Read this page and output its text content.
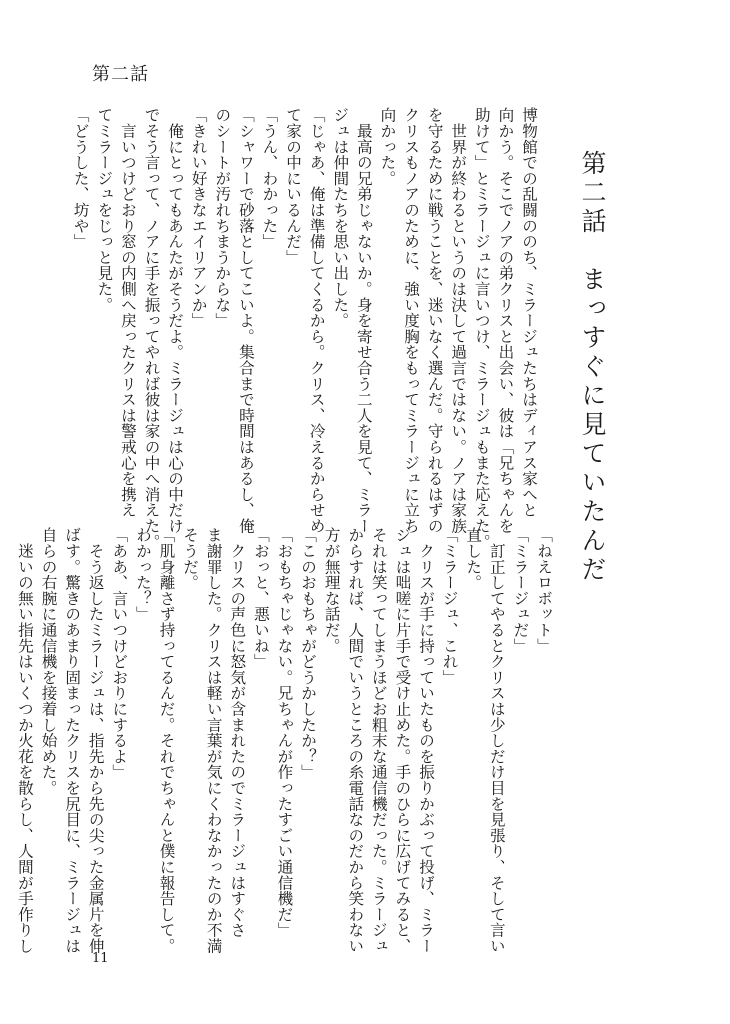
第二話
第二話　まっすぐに見ていたんだ
博物館での乱闘ののち、ミラージュたちはディアス家へと
向かう。そこでノアの弟クリスと出会い、彼は「兄ちゃんを
助けて」とミラージュに言いつけ、ミラージュもまた応えた。
　世界が終わるというのは決して過言ではない。ノアは家族
を守るために戦うことを、迷いなく選んだ。守られるはずの
クリスもノアのために、強い度胸をもってミラージュに立ち
向かった。
　最高の兄弟じゃないか。身を寄せ合う二人を見て、ミラー
ジュは仲間たちを思い出した。
「じゃあ、俺は準備してくるから。クリス、冷えるからせめ
て家の中にいるんだ」
「うん、わかった」
「シャワーで砂落としてこいよ。集合まで時間はあるし、俺
のシートが汚れちまうからな」
「きれい好きなエイリアンか」
　俺にとってもあんたがそうだよ。ミラージュは心の中だけ
でそう言って、ノアに手を振ってやれば彼は家の中へ消えた。
　言いつけどおり窓の内側へ戻ったクリスは警戒心を携え
てミラージュをじっと見た。
「どうした、坊や」
「ねえロボット」
「ミラージュだ」
　訂正してやるとクリスは少しだけ目を見張り、そして言い
直した。
「ミラージュ、これ」
　クリスが手に持っていたものを振りかぶって投げ、ミラー
ジュは咄嗟に片手で受け止めた。手のひらに広げてみると、
それは笑ってしまうほどお粗末な通信機だった。ミラージュ
からすれば、人間でいうところの糸電話なのだから笑わない
方が無理な話だ。
「このおもちゃがどうかしたか？」
「おもちゃじゃない。兄ちゃんが作ったすごい通信機だ」
「おっと、悪いね」
　クリスの声色に怒気が含まれたのでミラージュはすぐさ
ま謝罪した。クリスは軽い言葉が気にくわなかったのか不満
そうだ。
「肌身離さず持ってるんだ。それでちゃんと僕に報告して。
わかった？」
「ああ、言いつけどおりにするよ」
　そう返したミラージュは、指先から先の尖った金属片を伸
ばす。驚きのあまり固まったクリスを尻目に、ミラージュは
自らの右腕に通信機を接着し始めた。
　迷いの無い指先はいくつか火花を散らし、人間が手作りし
11
